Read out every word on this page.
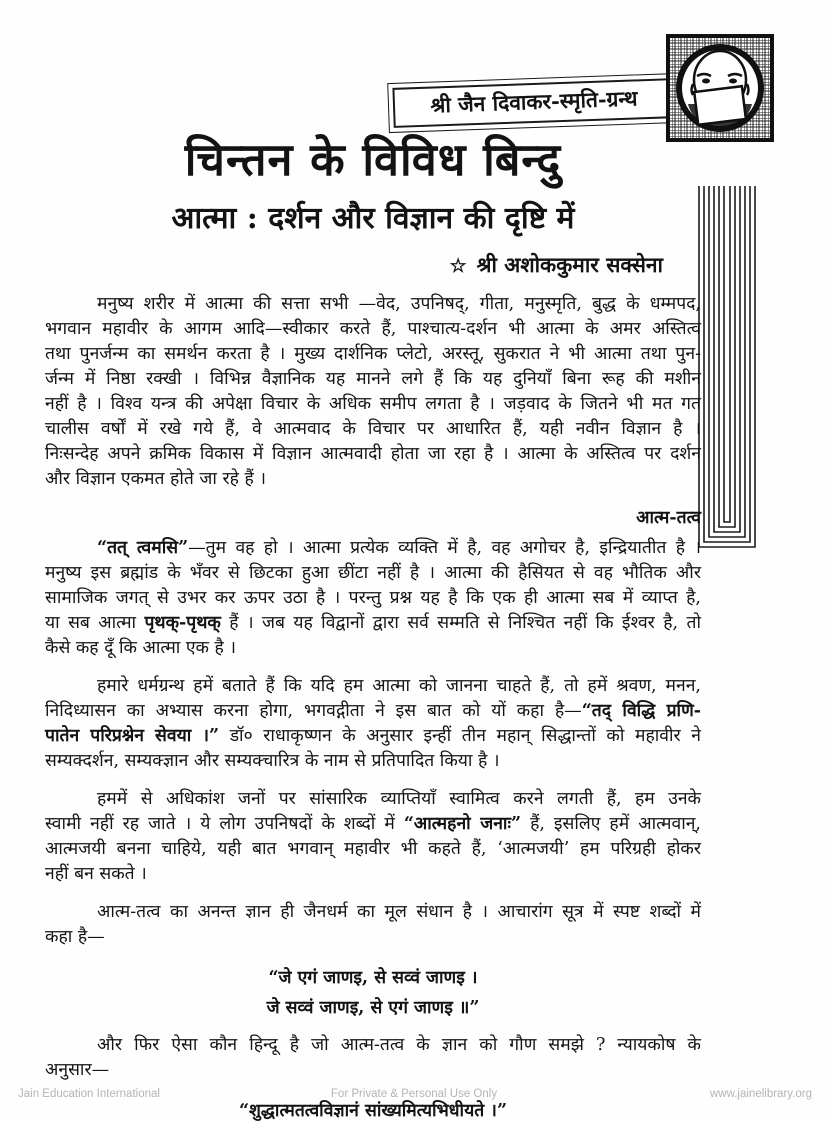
श्री जैन दिवाकर-स्मृति-ग्रन्थ
चिन्तन के विविध बिन्दु
आत्मा : दर्शन और विज्ञान की दृष्टि में
☆ श्री अशोककुमार सक्सेना
मनुष्य शरीर में आत्मा की सत्ता सभी —वेद, उपनिषद्, गीता, मनुस्मृति, बुद्ध के धम्मपद,
भगवान महावीर के आगम आदि—स्वीकार करते हैं, पाश्चात्य-दर्शन भी आत्मा के अमर अस्तित्व
तथा पुनर्जन्म का समर्थन करता है । मुख्य दार्शनिक प्लेटो, अरस्तू, सुकरात ने भी आत्मा तथा पुन-
र्जन्म में निष्ठा रक्खी । विभिन्न वैज्ञानिक यह मानने लगे हैं कि यह दुनियाँ बिना रूह की मशीन
नहीं है । विश्व यन्त्र की अपेक्षा विचार के अधिक समीप लगता है । जड़वाद के जितने भी मत गत
चालीस वर्षों में रखे गये हैं, वे आत्मवाद के विचार पर आधारित हैं, यही नवीन विज्ञान है ।
निःसन्देह अपने क्रमिक विकास में विज्ञान आत्मवादी होता जा रहा है । आत्मा के अस्तित्व पर दर्शन
और विज्ञान एकमत होते जा रहे हैं ।
आत्म-तत्व
“तत् त्वमसि”—तुम वह हो । आत्मा प्रत्येक व्यक्ति में है, वह अगोचर है, इन्द्रियातीत है ।
मनुष्य इस ब्रह्मांड के भँवर से छिटका हुआ छींटा नहीं है । आत्मा की हैसियत से वह भौतिक और
सामाजिक जगत् से उभर कर ऊपर उठा है । परन्तु प्रश्न यह है कि एक ही आत्मा सब में व्याप्त है,
या सब आत्मा पृथक्-पृथक् हैं । जब यह विद्वानों द्वारा सर्व सम्मति से निश्चित नहीं कि ईश्वर है, तो
कैसे कह दूँ कि आत्मा एक है ।
हमारे धर्मग्रन्थ हमें बताते हैं कि यदि हम आत्मा को जानना चाहते हैं, तो हमें श्रवण, मनन,
निदिध्यासन का अभ्यास करना होगा, भगवद्गीता ने इस बात को यों कहा है—“तद् विद्धि प्रणि-
पातेन परिप्रश्नेन सेवया ।” डॉ० राधाकृष्णन के अनुसार इन्हीं तीन महान् सिद्धान्तों को महावीर ने
सम्यक्दर्शन, सम्यक्ज्ञान और सम्यक्चारित्र के नाम से प्रतिपादित किया है ।
हममें से अधिकांश जनों पर सांसारिक व्याप्तियाँ स्वामित्व करने लगती हैं, हम उनके
स्वामी नहीं रह जाते । ये लोग उपनिषदों के शब्दों में “आत्महनो जनाः” हैं, इसलिए हमें आत्मवान्,
आत्मजयी बनना चाहिये, यही बात भगवान् महावीर भी कहते हैं, ‘आत्मजयी’ हम परिग्रही होकर
नहीं बन सकते ।
आत्म-तत्व का अनन्त ज्ञान ही जैनधर्म का मूल संधान है । आचारांग सूत्र में स्पष्ट शब्दों में
कहा है—
“जे एगं जाणइ, से सव्वं जाणइ ।
जे सव्वं जाणइ, से एगं जाणइ ॥”
और फिर ऐसा कौन हिन्दू है जो आत्म-तत्व के ज्ञान को गौण समझे ? न्यायकोष के
अनुसार—
“शुद्धात्मतत्वविज्ञानं सांख्यमित्यभिधीयते ।”
Jain Education International	For Private & Personal Use Only	www.jainelibrary.org
